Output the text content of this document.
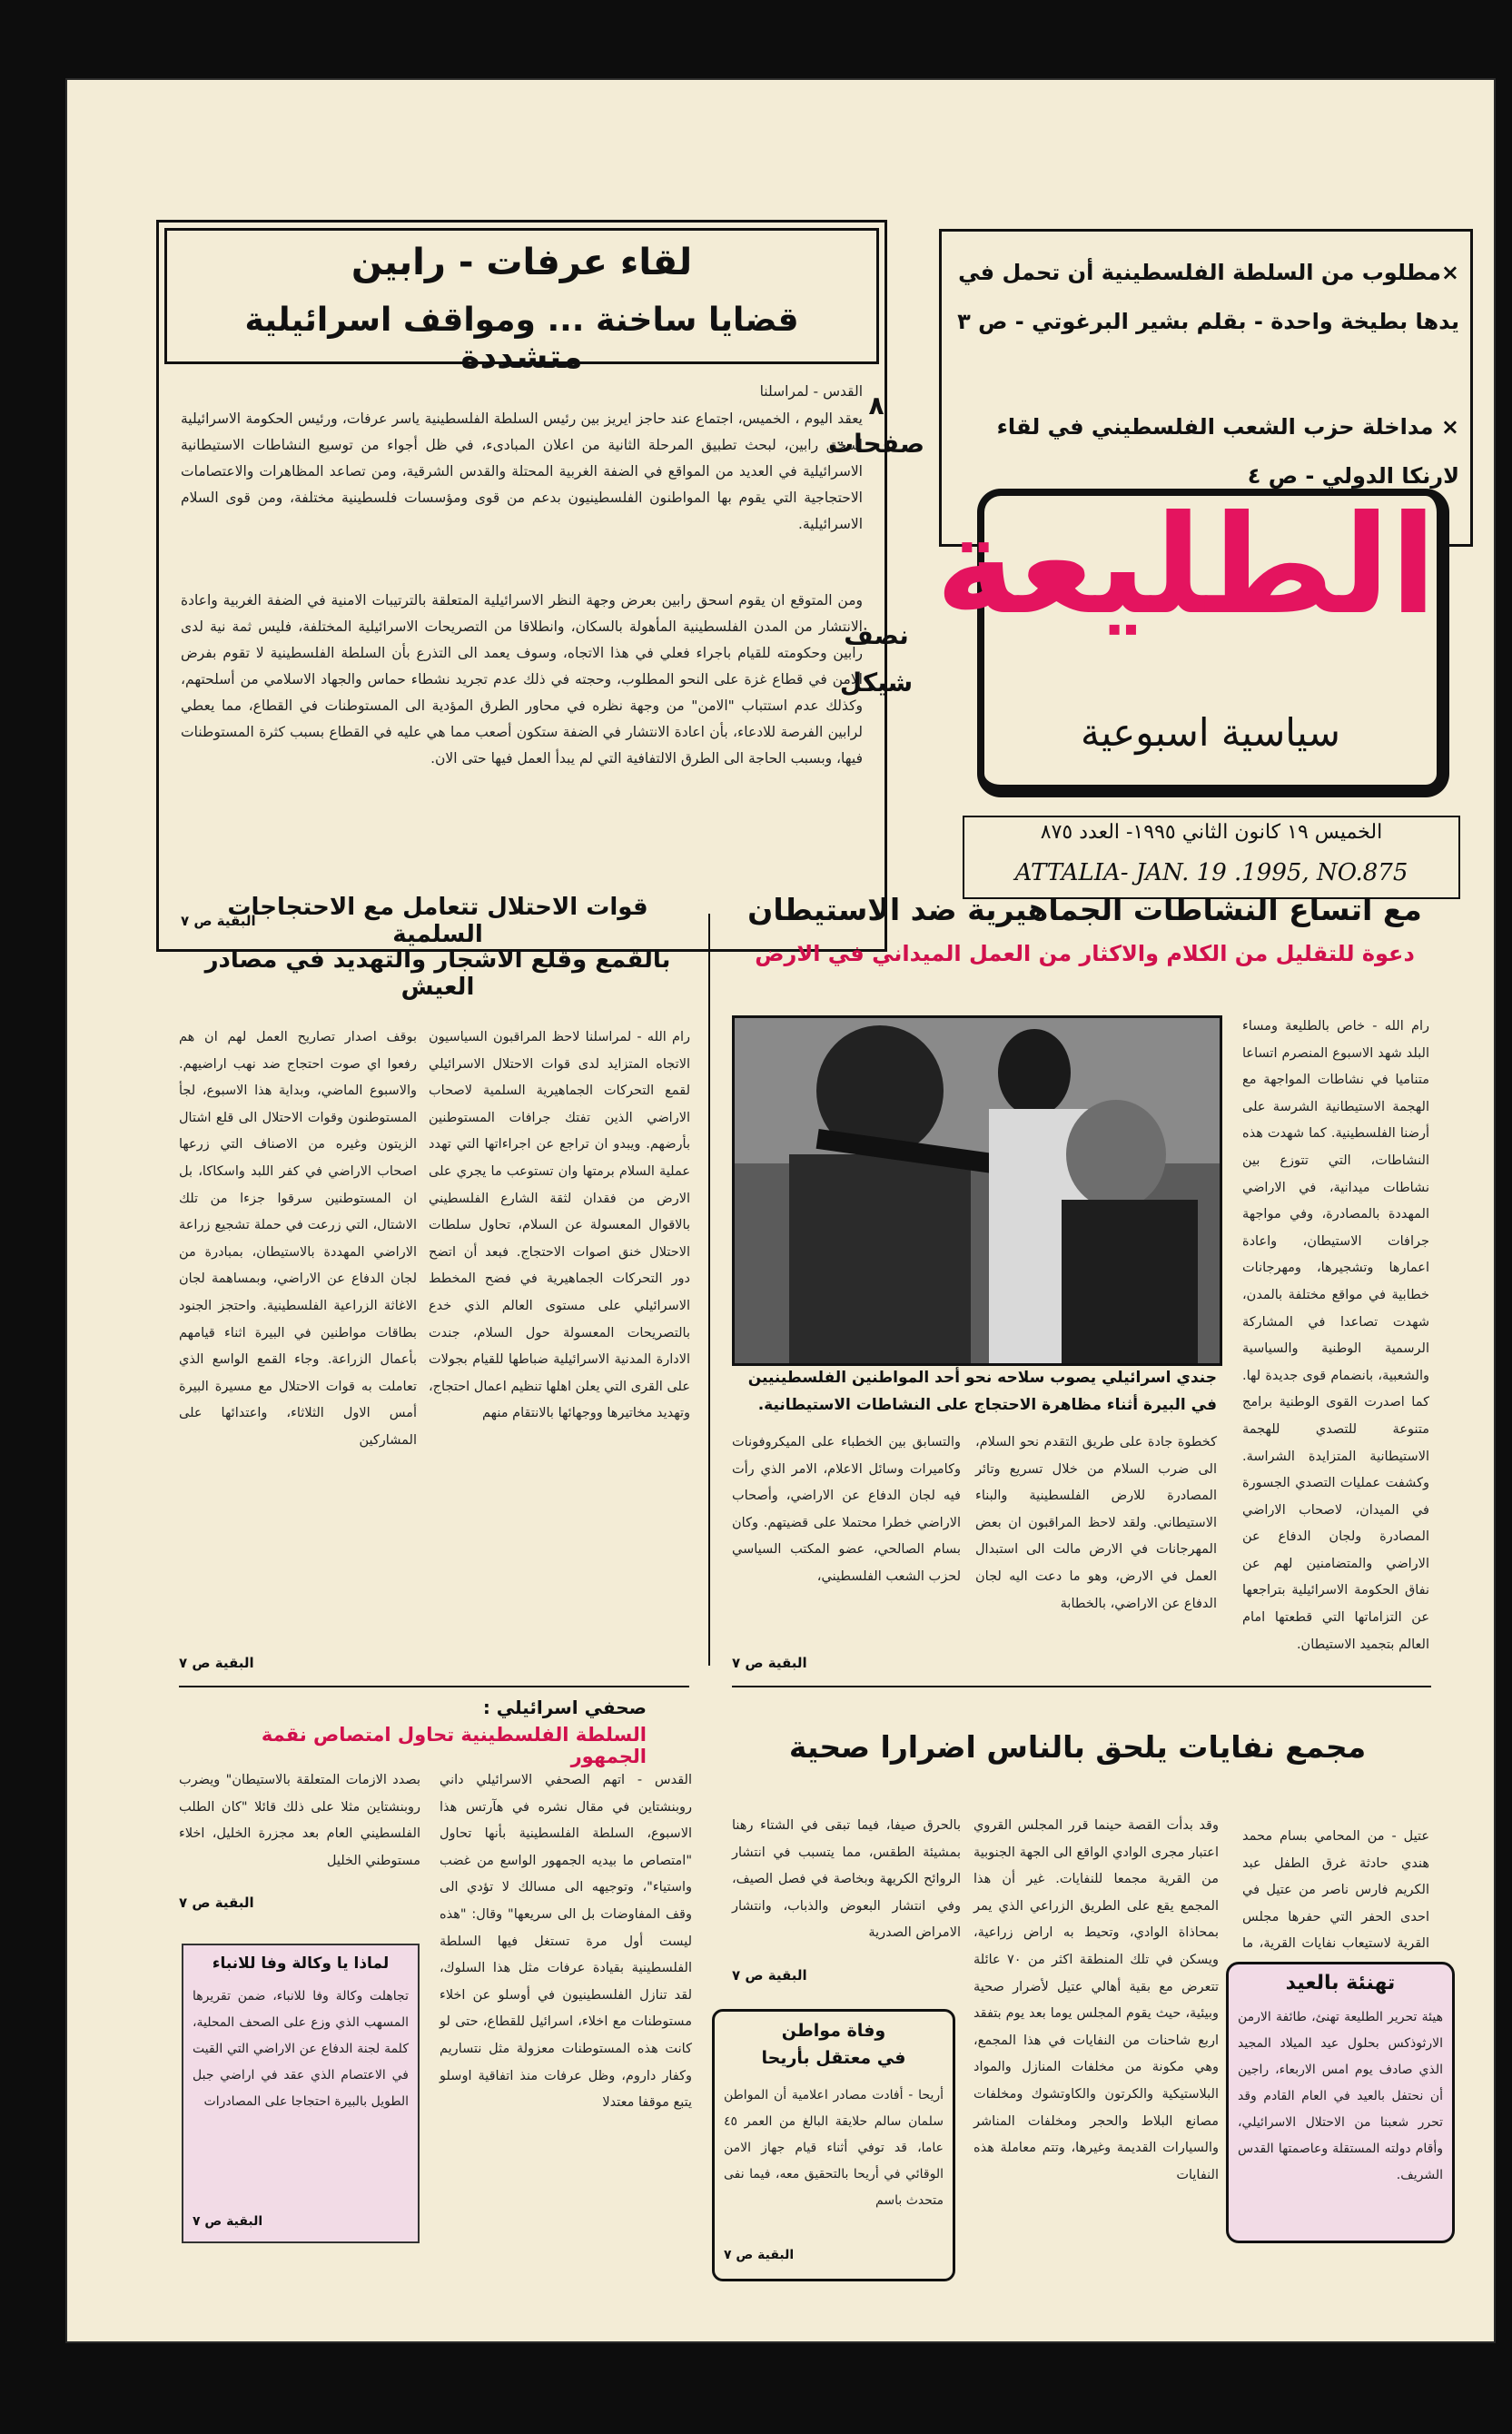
لقاء عرفات - رابين
قضايا ساخنة ... ومواقف اسرائيلية متشددة
القدس - لمراسلنا
يعقد اليوم ، الخميس، اجتماع عند حاجز ايريز بين رئيس السلطة الفلسطينية ياسر عرفات، ورئيس الحكومة الاسرائيلية اسحق رابين، لبحث تطبيق المرحلة الثانية من اعلان المبادىء، في ظل أجواء من توسيع النشاطات الاستيطانية الاسرائيلية في العديد من المواقع في الضفة الغربية المحتلة والقدس الشرقية، ومن تصاعد المظاهرات والاعتصامات الاحتجاجية التي يقوم بها المواطنون الفلسطينيون بدعم من قوى ومؤسسات فلسطينية مختلفة، ومن قوى السلام الاسرائيلية.
ومن المتوقع ان يقوم اسحق رابين بعرض وجهة النظر الاسرائيلية المتعلقة بالترتيبات الامنية في الضفة الغربية واعادة الانتشار من المدن الفلسطينية المأهولة بالسكان، وانطلاقا من التصريحات الاسرائيلية المختلفة، فليس ثمة نية لدى رابين وحكومته للقيام باجراء فعلي في هذا الاتجاه، وسوف يعمد الى التذرع بأن السلطة الفلسطينية لا تقوم بفرض الامن في قطاع غزة على النحو المطلوب، وحجته في ذلك عدم تجريد نشطاء حماس والجهاد الاسلامي من أسلحتهم، وكذلك عدم استتباب "الامن" من وجهة نظره في محاور الطرق المؤدية الى المستوطنات في القطاع، مما يعطي لرابين الفرصة للادعاء، بأن اعادة الانتشار في الضفة ستكون أصعب مما هي عليه في القطاع بسبب كثرة المستوطنات فيها، وبسبب الحاجة الى الطرق الالتفافية التي لم يبدأ العمل فيها حتى الان.
البقية ص ٧
٨ صفحات
نصف شيكل
×مطلوب من السلطة الفلسطينية أن تحمل في يدها بطيخة واحدة - بقلم بشير البرغوتي - ص ٣
× مداخلة حزب الشعب الفلسطيني في لقاء لارنكا الدولي - ص ٤
الطليعة
سياسية اسبوعية
الخميس ١٩ كانون الثاني ١٩٩٥- العدد ٨٧٥
ATTALIA- JAN. 19 .1995, NO.875
مع اتساع النشاطات الجماهيرية ضد الاستيطان
دعوة للتقليل من الكلام والاكثار من العمل الميداني في الارض
رام الله - خاص بالطليعة ومساء البلد شهد الاسبوع المنصرم اتساعا متناميا في نشاطات المواجهة مع الهجمة الاستيطانية الشرسة على أرضنا الفلسطينية. كما شهدت هذه النشاطات، التي تتوزع بين نشاطات ميدانية، في الاراضي المهددة بالمصادرة، وفي مواجهة جرافات الاستيطان، واعادة اعمارها وتشجيرها، ومهرجانات خطابية في مواقع مختلفة بالمدن، شهدت تصاعدا في المشاركة الرسمية الوطنية والسياسية والشعبية، بانضمام قوى جديدة لها. كما اصدرت القوى الوطنية برامج متنوعة للتصدي للهجمة الاستيطانية المتزايدة الشراسة. وكشفت عمليات التصدي الجسورة في الميدان، لاصحاب الاراضي المصادرة ولجان الدفاع عن الاراضي والمتضامنين لهم عن نفاق الحكومة الاسرائيلية بتراجعها عن التزاماتها التي قطعتها امام العالم بتجميد الاستيطان.
جندي اسرائيلي يصوب سلاحه نحو أحد المواطنين الفلسطينيين في البيرة أثناء مظاهرة الاحتجاج على النشاطات الاستيطانية.
كخطوة جادة على طريق التقدم نحو السلام، الى ضرب السلام من خلال تسريع وتائر المصادرة للارض الفلسطينية والبناء الاستيطاني. ولقد لاحظ المراقبون ان بعض المهرجانات في الارض مالت الى استبدال العمل في الارض، وهو ما دعت اليه لجان الدفاع عن الاراضي، بالخطابة
والتسابق بين الخطباء على الميكروفونات وكاميرات وسائل الاعلام، الامر الذي رأت فيه لجان الدفاع عن الاراضي، وأصحاب الاراضي خطرا محتملا على قضيتهم. وكان بسام الصالحي، عضو المكتب السياسي لحزب الشعب الفلسطيني،
البقية ص ٧
قوات الاحتلال تتعامل مع الاحتجاجات السلمية
بالقمع وقلع الاشجار والتهديد في مصادر العيش
رام الله - لمراسلنا لاحظ المراقبون السياسيون الاتجاه المتزايد لدى قوات الاحتلال الاسرائيلي لقمع التحركات الجماهيرية السلمية لاصحاب الاراضي الذين تفتك جرافات المستوطنين بأرضهم. ويبدو ان تراجع عن اجراءاتها التي تهدد عملية السلام برمتها وان تستوعب ما يجري على الارض من فقدان لثقة الشارع الفلسطيني بالاقوال المعسولة عن السلام، تحاول سلطات الاحتلال خنق اصوات الاحتجاج. فبعد أن اتضح دور التحركات الجماهيرية في فضح المخطط الاسرائيلي على مستوى العالم الذي خدع بالتصريحات المعسولة حول السلام، جندت الادارة المدنية الاسرائيلية ضباطها للقيام بجولات على القرى التي يعلن اهلها تنظيم اعمال احتجاج، وتهديد مخاتيرها ووجهائها بالانتقام منهم
بوقف اصدار تصاريح العمل لهم ان هم رفعوا اي صوت احتجاج ضد نهب اراضيهم. والاسبوع الماضي، وبداية هذا الاسبوع، لجأ المستوطنون وقوات الاحتلال الى قلع اشتال الزيتون وغيره من الاصناف التي زرعها اصحاب الاراضي في كفر اللبد واسكاكا، بل ان المستوطنين سرقوا جزءا من تلك الاشتال، التي زرعت في حملة تشجيع زراعة الاراضي المهددة بالاستيطان، بمبادرة من لجان الدفاع عن الاراضي، وبمساهمة لجان الاغاثة الزراعية الفلسطينية. واحتجز الجنود بطاقات مواطنين في البيرة اثناء قيامهم بأعمال الزراعة. وجاء القمع الواسع الذي تعاملت به قوات الاحتلال مع مسيرة البيرة أمس الاول الثلاثاء، واعتدائها على المشاركين
البقية ص ٧
صحفي اسرائيلي :
السلطة الفلسطينية تحاول امتصاص نقمة الجمهور
القدس - اتهم الصحفي الاسرائيلي داني روبنشتاين في مقال نشره في هآرتس هذا الاسبوع، السلطة الفلسطينية بأنها تحاول "امتصاص ما بيديه الجمهور الواسع من غضب واستياء"، وتوجيهه الى مسالك لا تؤدي الى وقف المفاوضات بل الى سريعها" وقال: "هذه ليست أول مرة تستغل فيها السلطة الفلسطينية بقيادة عرفات مثل هذا السلوك، لقد تنازل الفلسطينيون في أوسلو عن اخلاء مستوطنات مع اخلاء، اسرائيل للقطاع، حتى لو كانت هذه المستوطنات معزولة مثل نتساريم وكفار داروم، وظل عرفات منذ اتفاقية اوسلو يتبع موقفا معتدلا
بصدد الازمات المتعلقة بالاستيطان" ويضرب روبنشتاين مثلا على ذلك قائلا "كان الطلب الفلسطيني العام بعد مجزرة الخليل، اخلاء مستوطني الخليل
البقية ص ٧
لماذا يا وكالة وفا للانباء
تجاهلت وكالة وفا للانباء، ضمن تقريرها المسهب الذي وزع على الصحف المحلية، كلمة لجنة الدفاع عن الاراضي التي القيت في الاعتصام الذي عقد في اراضي جبل الطويل بالبيرة احتجاجا على المصادرات
البقية ص ٧
مجمع نفايات يلحق بالناس اضرارا صحية
عتيل - من المحامي بسام محمد هندي حادثة غرق الطفل عبد الكريم فارس ناصر من عتيل في احدى الحفر التي حفرها مجلس القرية لاستيعاب نفايات القرية، ما
وقد بدأت القصة حينما قرر المجلس القروي اعتبار مجرى الوادي الواقع الى الجهة الجنوبية من القرية مجمعا للنفايات. غير أن هذا المجمع يقع على الطريق الزراعي الذي يمر بمحاذاة الوادي، وتحيط به اراض زراعية، ويسكن في تلك المنطقة اكثر من ٧٠ عائلة تتعرض مع بقية أهالي عتيل لأضرار صحية وبيئية، حيث يقوم المجلس يوما بعد يوم بتفقد اربع شاحنات من النفايات في هذا المجمع، وهي مكونة من مخلفات المنازل والمواد البلاستيكية والكرتون والكاوتشوك ومخلفات مصانع البلاط والحجر ومخلفات المناشر والسيارات القديمة وغيرها، وتتم معاملة هذه النفايات
بالحرق صيفا، فيما تبقى في الشتاء رهنا بمشيئة الطقس، مما يتسبب في انتشار الروائح الكريهة وبخاصة في فصل الصيف، وفي انتشار البعوض والذباب، وانتشار الامراض الصدرية
البقية ص ٧
وفاة مواطن
في معتقل بأريحا
أريحا - أفادت مصادر اعلامية أن المواطن سلمان سالم حلايقة البالغ من العمر ٤٥ عاما، قد توفي أثناء قيام جهاز الامن الوقائي في أريحا بالتحقيق معه، فيما نفى متحدث باسم
البقية ص ٧
تهنئة بالعيد
هيئة تحرير الطليعة تهنئ، طائفة الارمن الارثوذكس بحلول عيد الميلاد المجيد الذي صادف يوم امس الاربعاء، راجين أن نحتفل بالعيد في العام القادم وقد تحرر شعبنا من الاحتلال الاسرائيلي، وأقام دولته المستقلة وعاصمتها القدس الشريف.
